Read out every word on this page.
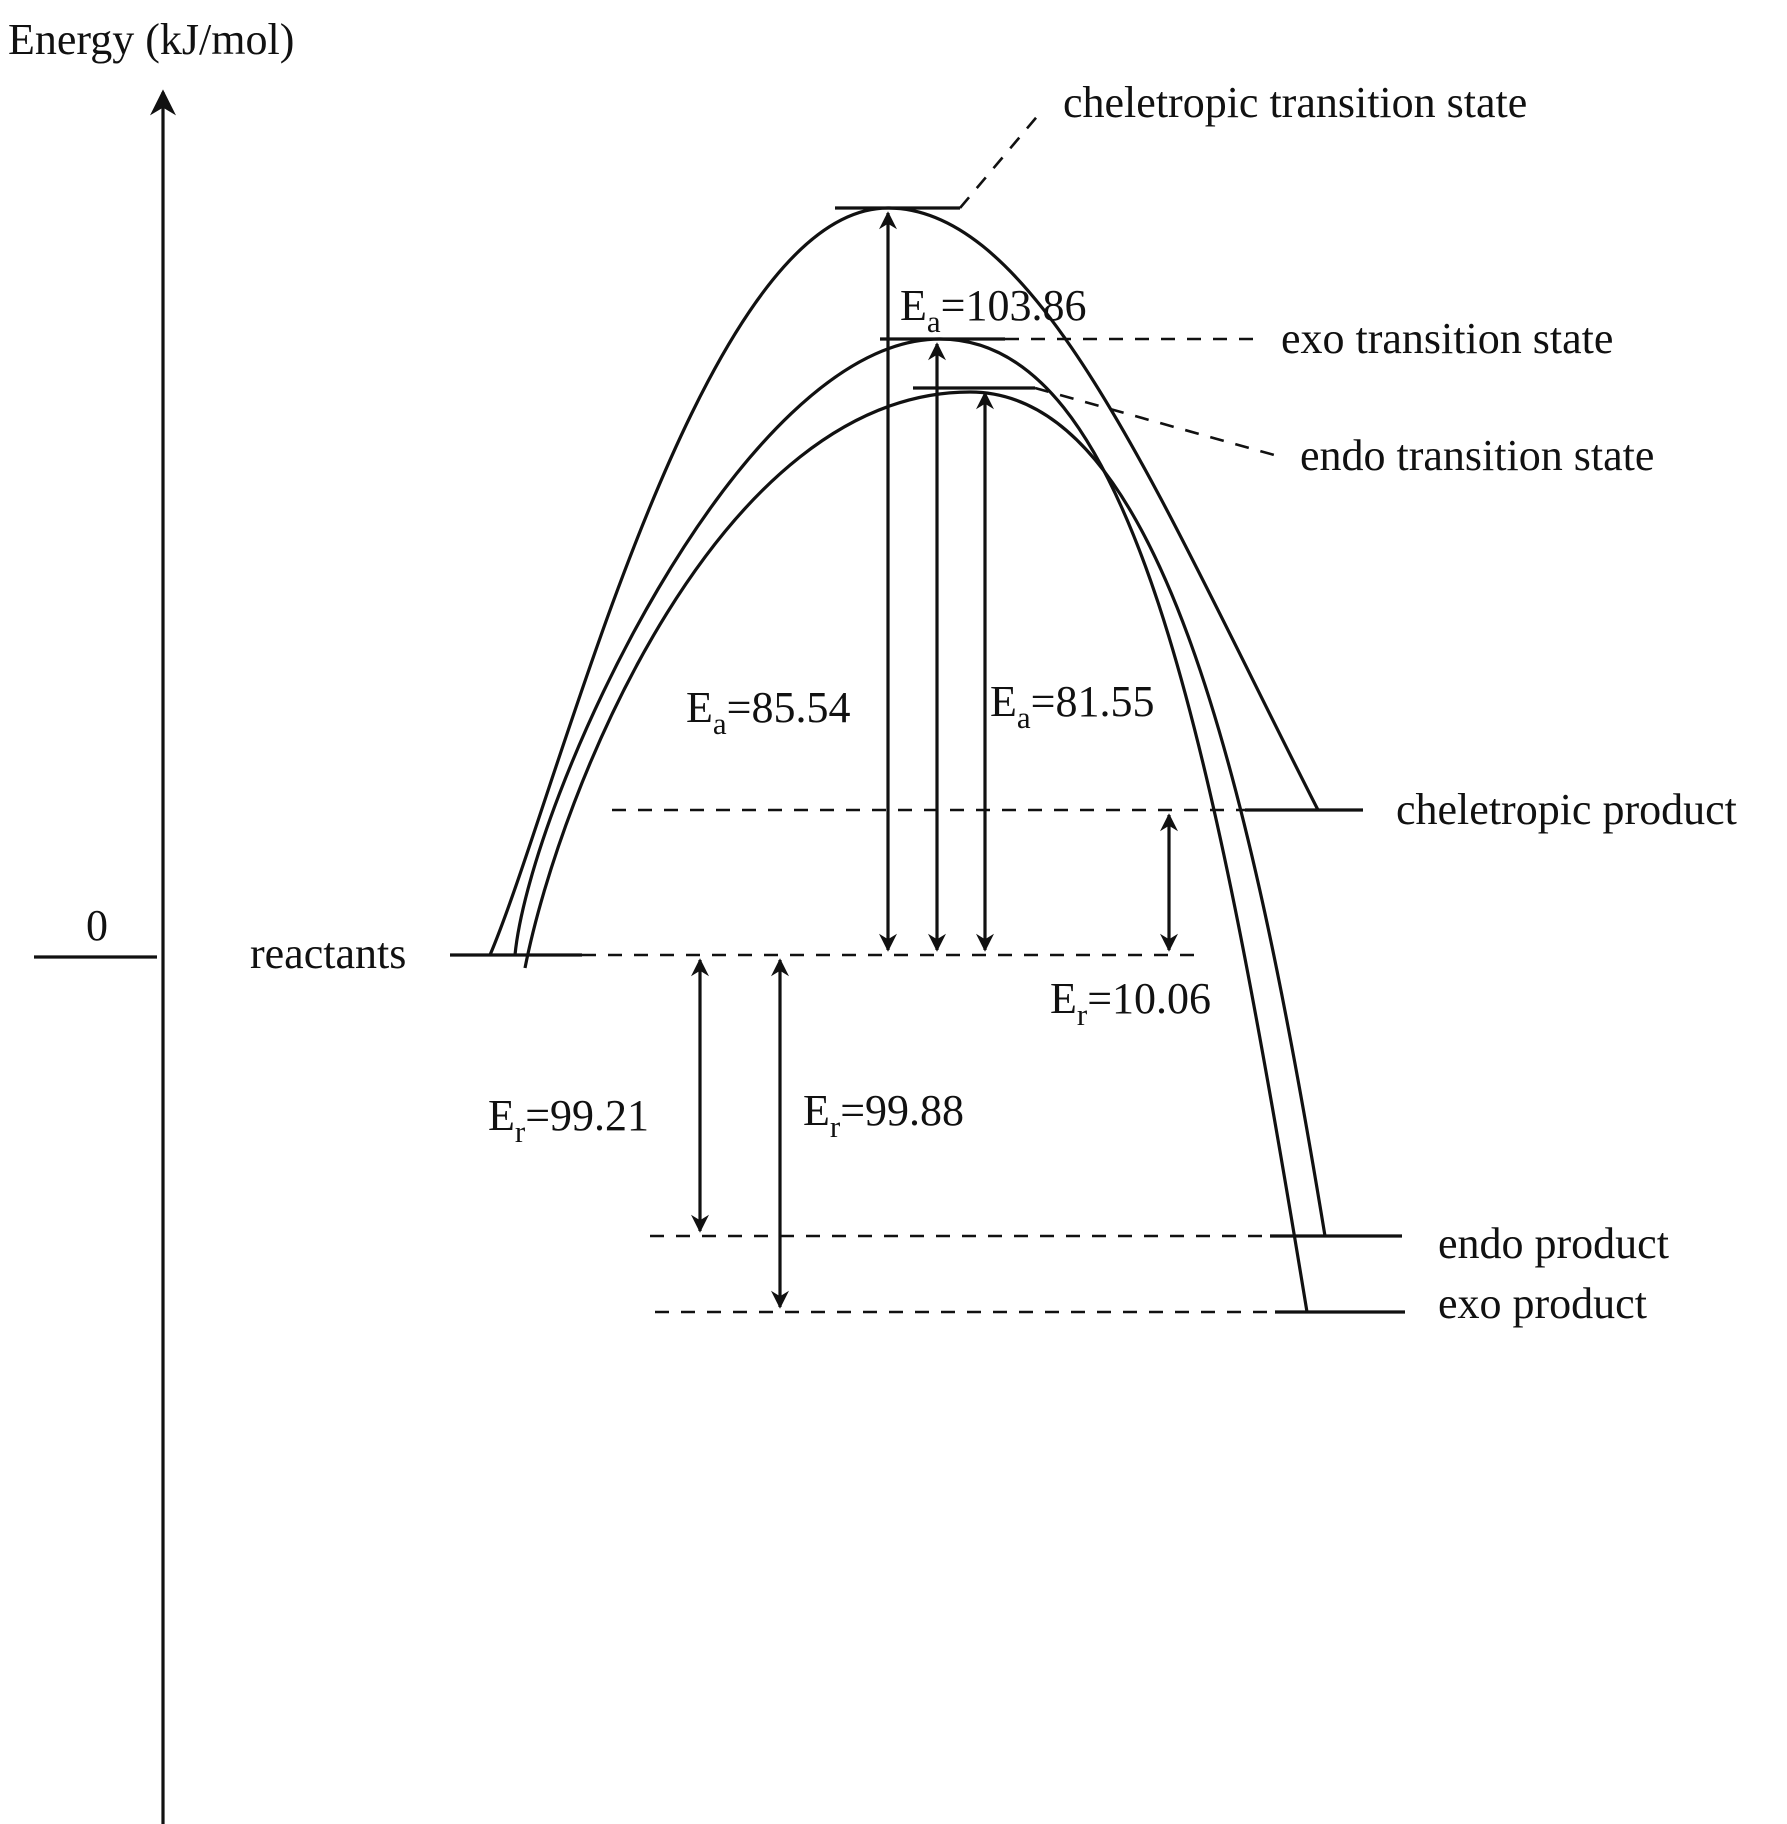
Energy (kJ/mol)
0
reactants
cheletropic transition state
exo transition state
endo transition state
cheletropic product
endo product
exo product
$E_a=103.86$
$E_a=85.54$	$E_a=81.55$
$E_r=10.06$
$E_r=99.21$	$E_r=99.88$
